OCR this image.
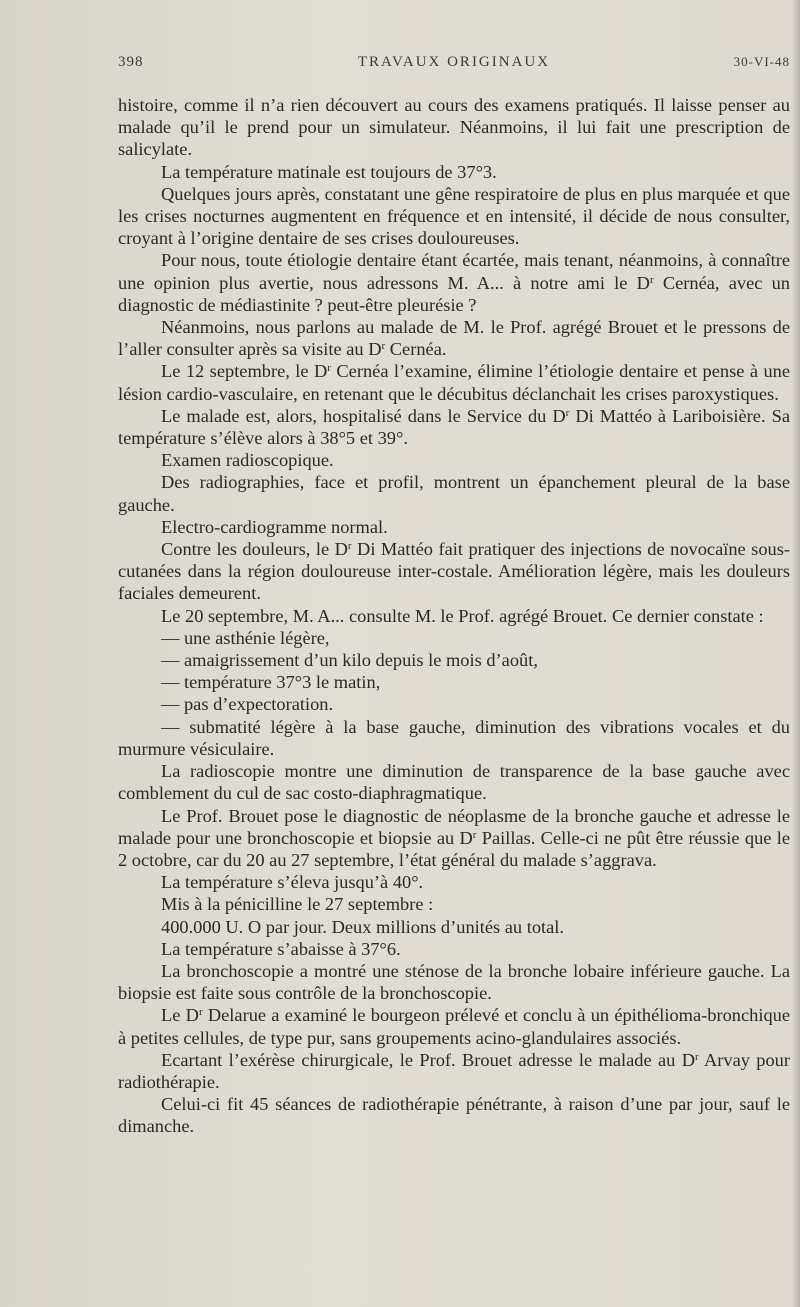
398	TRAVAUX ORIGINAUX	30-VI-48

histoire, comme il n’a rien découvert au cours des examens pratiqués. Il laisse penser au malade qu’il le prend pour un simulateur. Néanmoins, il lui fait une prescription de salicylate.

La température matinale est toujours de 37°3.

Quelques jours après, constatant une gêne respiratoire de plus en plus marquée et que les crises nocturnes augmentent en fréquence et en intensité, il décide de nous consulter, croyant à l’origine dentaire de ses crises douloureuses.

Pour nous, toute étiologie dentaire étant écartée, mais tenant, néanmoins, à connaître une opinion plus avertie, nous adressons M. A... à notre ami le $D^r$ Cernéa, avec un diagnostic de médiastinite ? peut-être pleurésie ?

Néanmoins, nous parlons au malade de M. le Prof. agrégé Brouet et le pressons de l’aller consulter après sa visite au $D^r$ Cernéa.

Le 12 septembre, le $D^r$ Cernéa l’examine, élimine l’étiologie dentaire et pense à une lésion cardio-vasculaire, en retenant que le décubitus déclanchait les crises paroxystiques.

Le malade est, alors, hospitalisé dans le Service du $D^r$ Di Mattéo à Lariboisière. Sa température s’élève alors à 38°5 et 39°.

Examen radioscopique.

Des radiographies, face et profil, montrent un épanchement pleural de la base gauche.

Electro-cardiogramme normal.

Contre les douleurs, le $D^r$ Di Mattéo fait pratiquer des injections de novocaïne sous-cutanées dans la région douloureuse inter-costale. Amélioration légère, mais les douleurs faciales demeurent.

Le 20 septembre, M. A... consulte M. le Prof. agrégé Brouet. Ce dernier constate :

— une asthénie légère,

— amaigrissement d’un kilo depuis le mois d’août,

— température 37°3 le matin,

— pas d’expectoration.

— submatité légère à la base gauche, diminution des vibrations vocales et du murmure vésiculaire.

La radioscopie montre une diminution de transparence de la base gauche avec comblement du cul de sac costo-diaphragmatique.

Le Prof. Brouet pose le diagnostic de néoplasme de la bronche gauche et adresse le malade pour une bronchoscopie et biopsie au $D^r$ Paillas. Celle-ci ne pût être réussie que le 2 octobre, car du 20 au 27 septembre, l’état général du malade s’aggrava.

La température s’éleva jusqu’à 40°.

Mis à la pénicilline le 27 septembre :

400.000 U. O par jour. Deux millions d’unités au total.

La température s’abaisse à 37°6.

La bronchoscopie a montré une sténose de la bronche lobaire inférieure gauche. La biopsie est faite sous contrôle de la bronchoscopie.

Le $D^r$ Delarue a examiné le bourgeon prélevé et conclu à un épithélioma-bronchique à petites cellules, de type pur, sans groupements acino-glandulaires associés.

Ecartant l’exérèse chirurgicale, le Prof. Brouet adresse le malade au $D^r$ Arvay pour radiothérapie.

Celui-ci fit 45 séances de radiothérapie pénétrante, à raison d’une par jour, sauf le dimanche.
